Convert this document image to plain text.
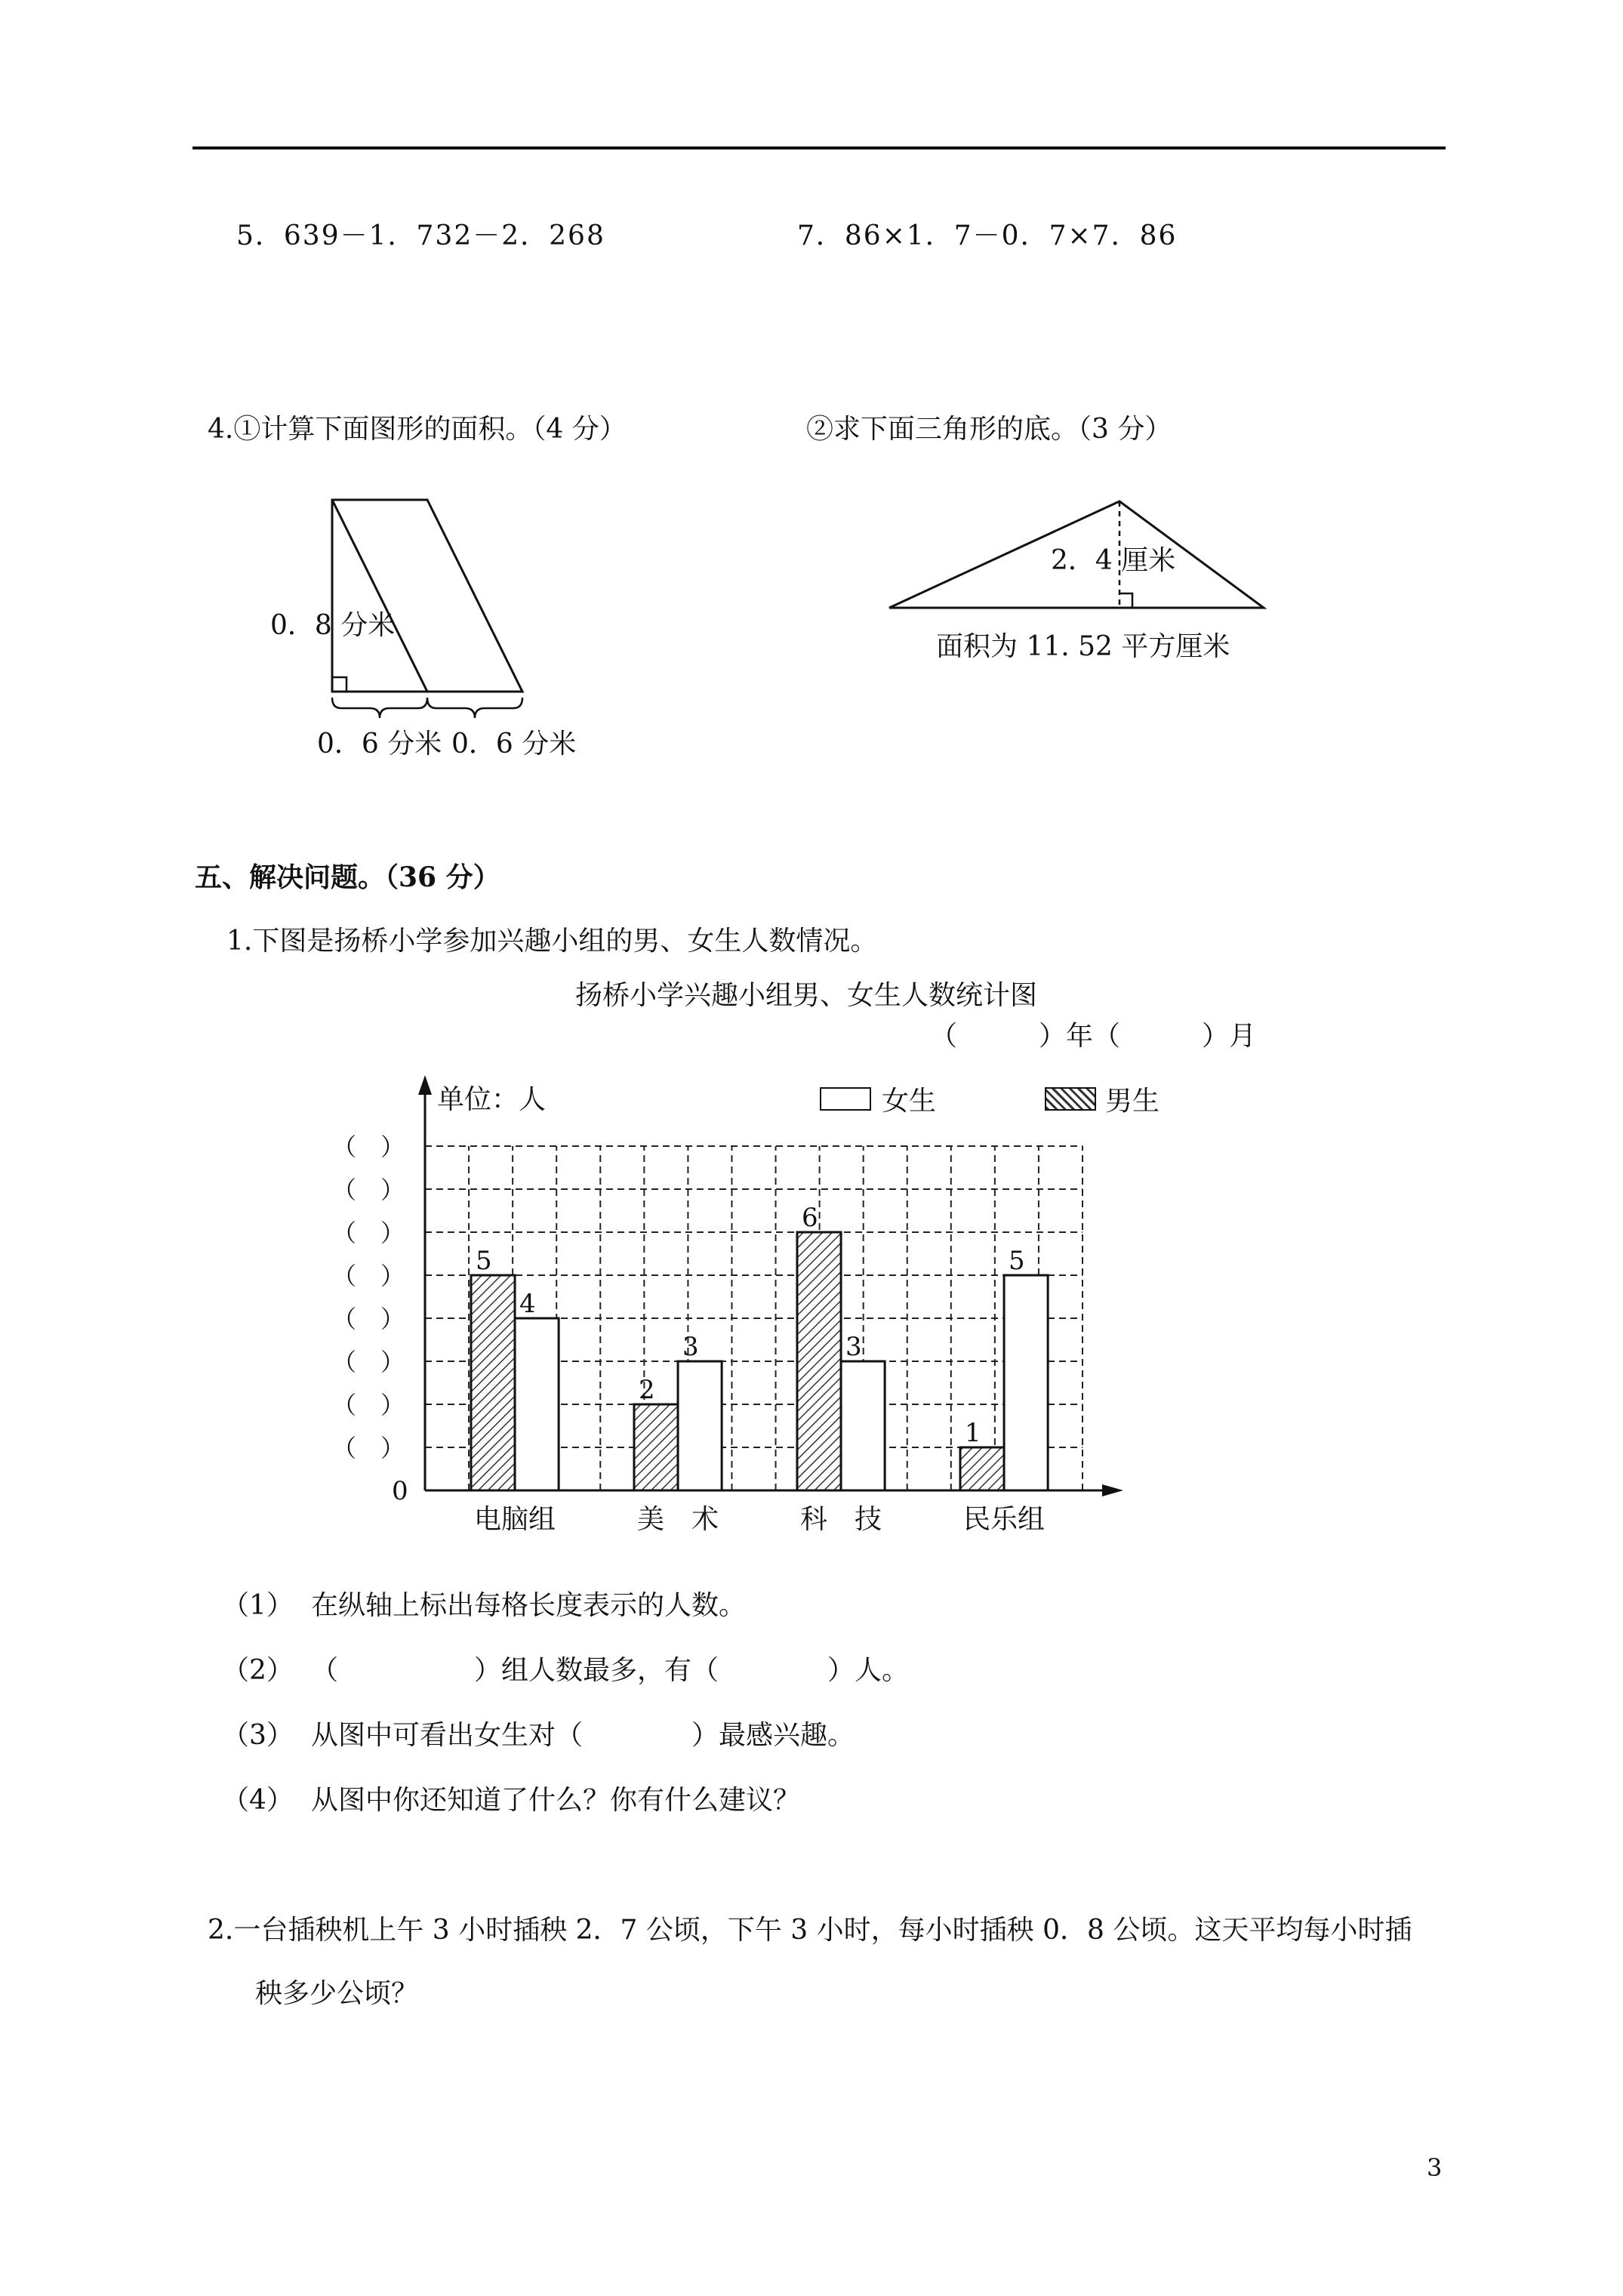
5．639－1．732－2．268	7．86×1．7－0．7×7．86
4.①计算下面图形的面积。（4 分）	②求下面三角形的底。（3 分）
0．8 分米
0．6 分米 0．6 分米
2．4 厘米
面积为 11. 52 平方厘米
五、解决问题。（36 分）
1.下图是扬桥小学参加兴趣小组的男、女生人数情况。
扬桥小学兴趣小组男、女生人数统计图
（　　　）年（　　　）月
单位：人
0
（　）
（　）
（　）
（　）
（　）
（　）
（　）
（　）
5
4
电脑组
2
3
美　术
6
3
科　技
1
5
民乐组
女生	男生
（1） 在纵轴上标出每格长度表示的人数。
（2） （　　　　　）组人数最多，有（　　　　）人。
（3） 从图中可看出女生对（　　　　）最感兴趣。
（4） 从图中你还知道了什么？你有什么建议？
2.一台插秧机上午 3 小时插秧 2．7 公顷，下午 3 小时，每小时插秧 0．8 公顷。这天平均每小时插
秧多少公顷？
3
